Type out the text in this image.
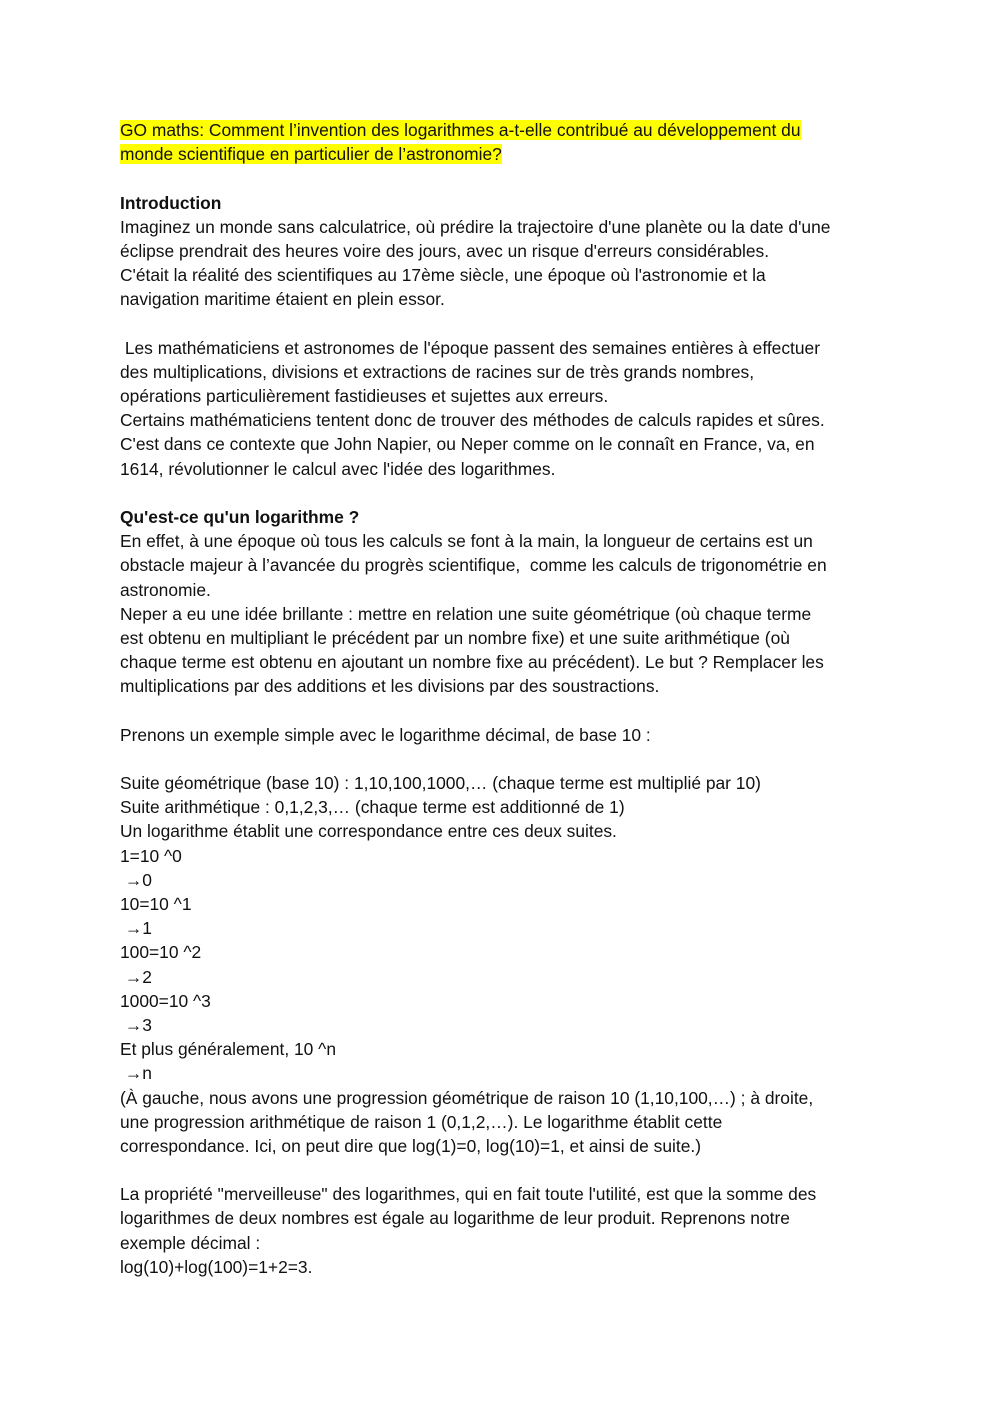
GO maths: Comment l’invention des logarithmes a-t-elle contribué au développement du
monde scientifique en particulier de l’astronomie?
Introduction
Imaginez un monde sans calculatrice, où prédire la trajectoire d'une planète ou la date d'une
éclipse prendrait des heures voire des jours, avec un risque d'erreurs considérables.
C'était la réalité des scientifiques au 17ème siècle, une époque où l'astronomie et la
navigation maritime étaient en plein essor.
Les mathématiciens et astronomes de l'époque passent des semaines entières à effectuer
des multiplications, divisions et extractions de racines sur de très grands nombres,
opérations particulièrement fastidieuses et sujettes aux erreurs.
Certains mathématiciens tentent donc de trouver des méthodes de calculs rapides et sûres.
C'est dans ce contexte que John Napier, ou Neper comme on le connaît en France, va, en
1614, révolutionner le calcul avec l'idée des logarithmes.
Qu'est-ce qu'un logarithme ?
En effet, à une époque où tous les calculs se font à la main, la longueur de certains est un
obstacle majeur à l’avancée du progrès scientifique,  comme les calculs de trigonométrie en
astronomie.
Neper a eu une idée brillante : mettre en relation une suite géométrique (où chaque terme
est obtenu en multipliant le précédent par un nombre fixe) et une suite arithmétique (où
chaque terme est obtenu en ajoutant un nombre fixe au précédent). Le but ? Remplacer les
multiplications par des additions et les divisions par des soustractions.
Prenons un exemple simple avec le logarithme décimal, de base 10 :
Suite géométrique (base 10) : 1,10,100,1000,… (chaque terme est multiplié par 10)
Suite arithmétique : 0,1,2,3,… (chaque terme est additionné de 1)
Un logarithme établit une correspondance entre ces deux suites.
1=10 ^0
→0
10=10 ^1
→1
100=10 ^2
→2
1000=10 ^3
→3
Et plus généralement, 10 ^n
→n
(À gauche, nous avons une progression géométrique de raison 10 (1,10,100,…) ; à droite,
une progression arithmétique de raison 1 (0,1,2,…). Le logarithme établit cette
correspondance. Ici, on peut dire que log(1)=0, log(10)=1, et ainsi de suite.)
La propriété "merveilleuse" des logarithmes, qui en fait toute l'utilité, est que la somme des
logarithmes de deux nombres est égale au logarithme de leur produit. Reprenons notre
exemple décimal :
log(10)+log(100)=1+2=3.
